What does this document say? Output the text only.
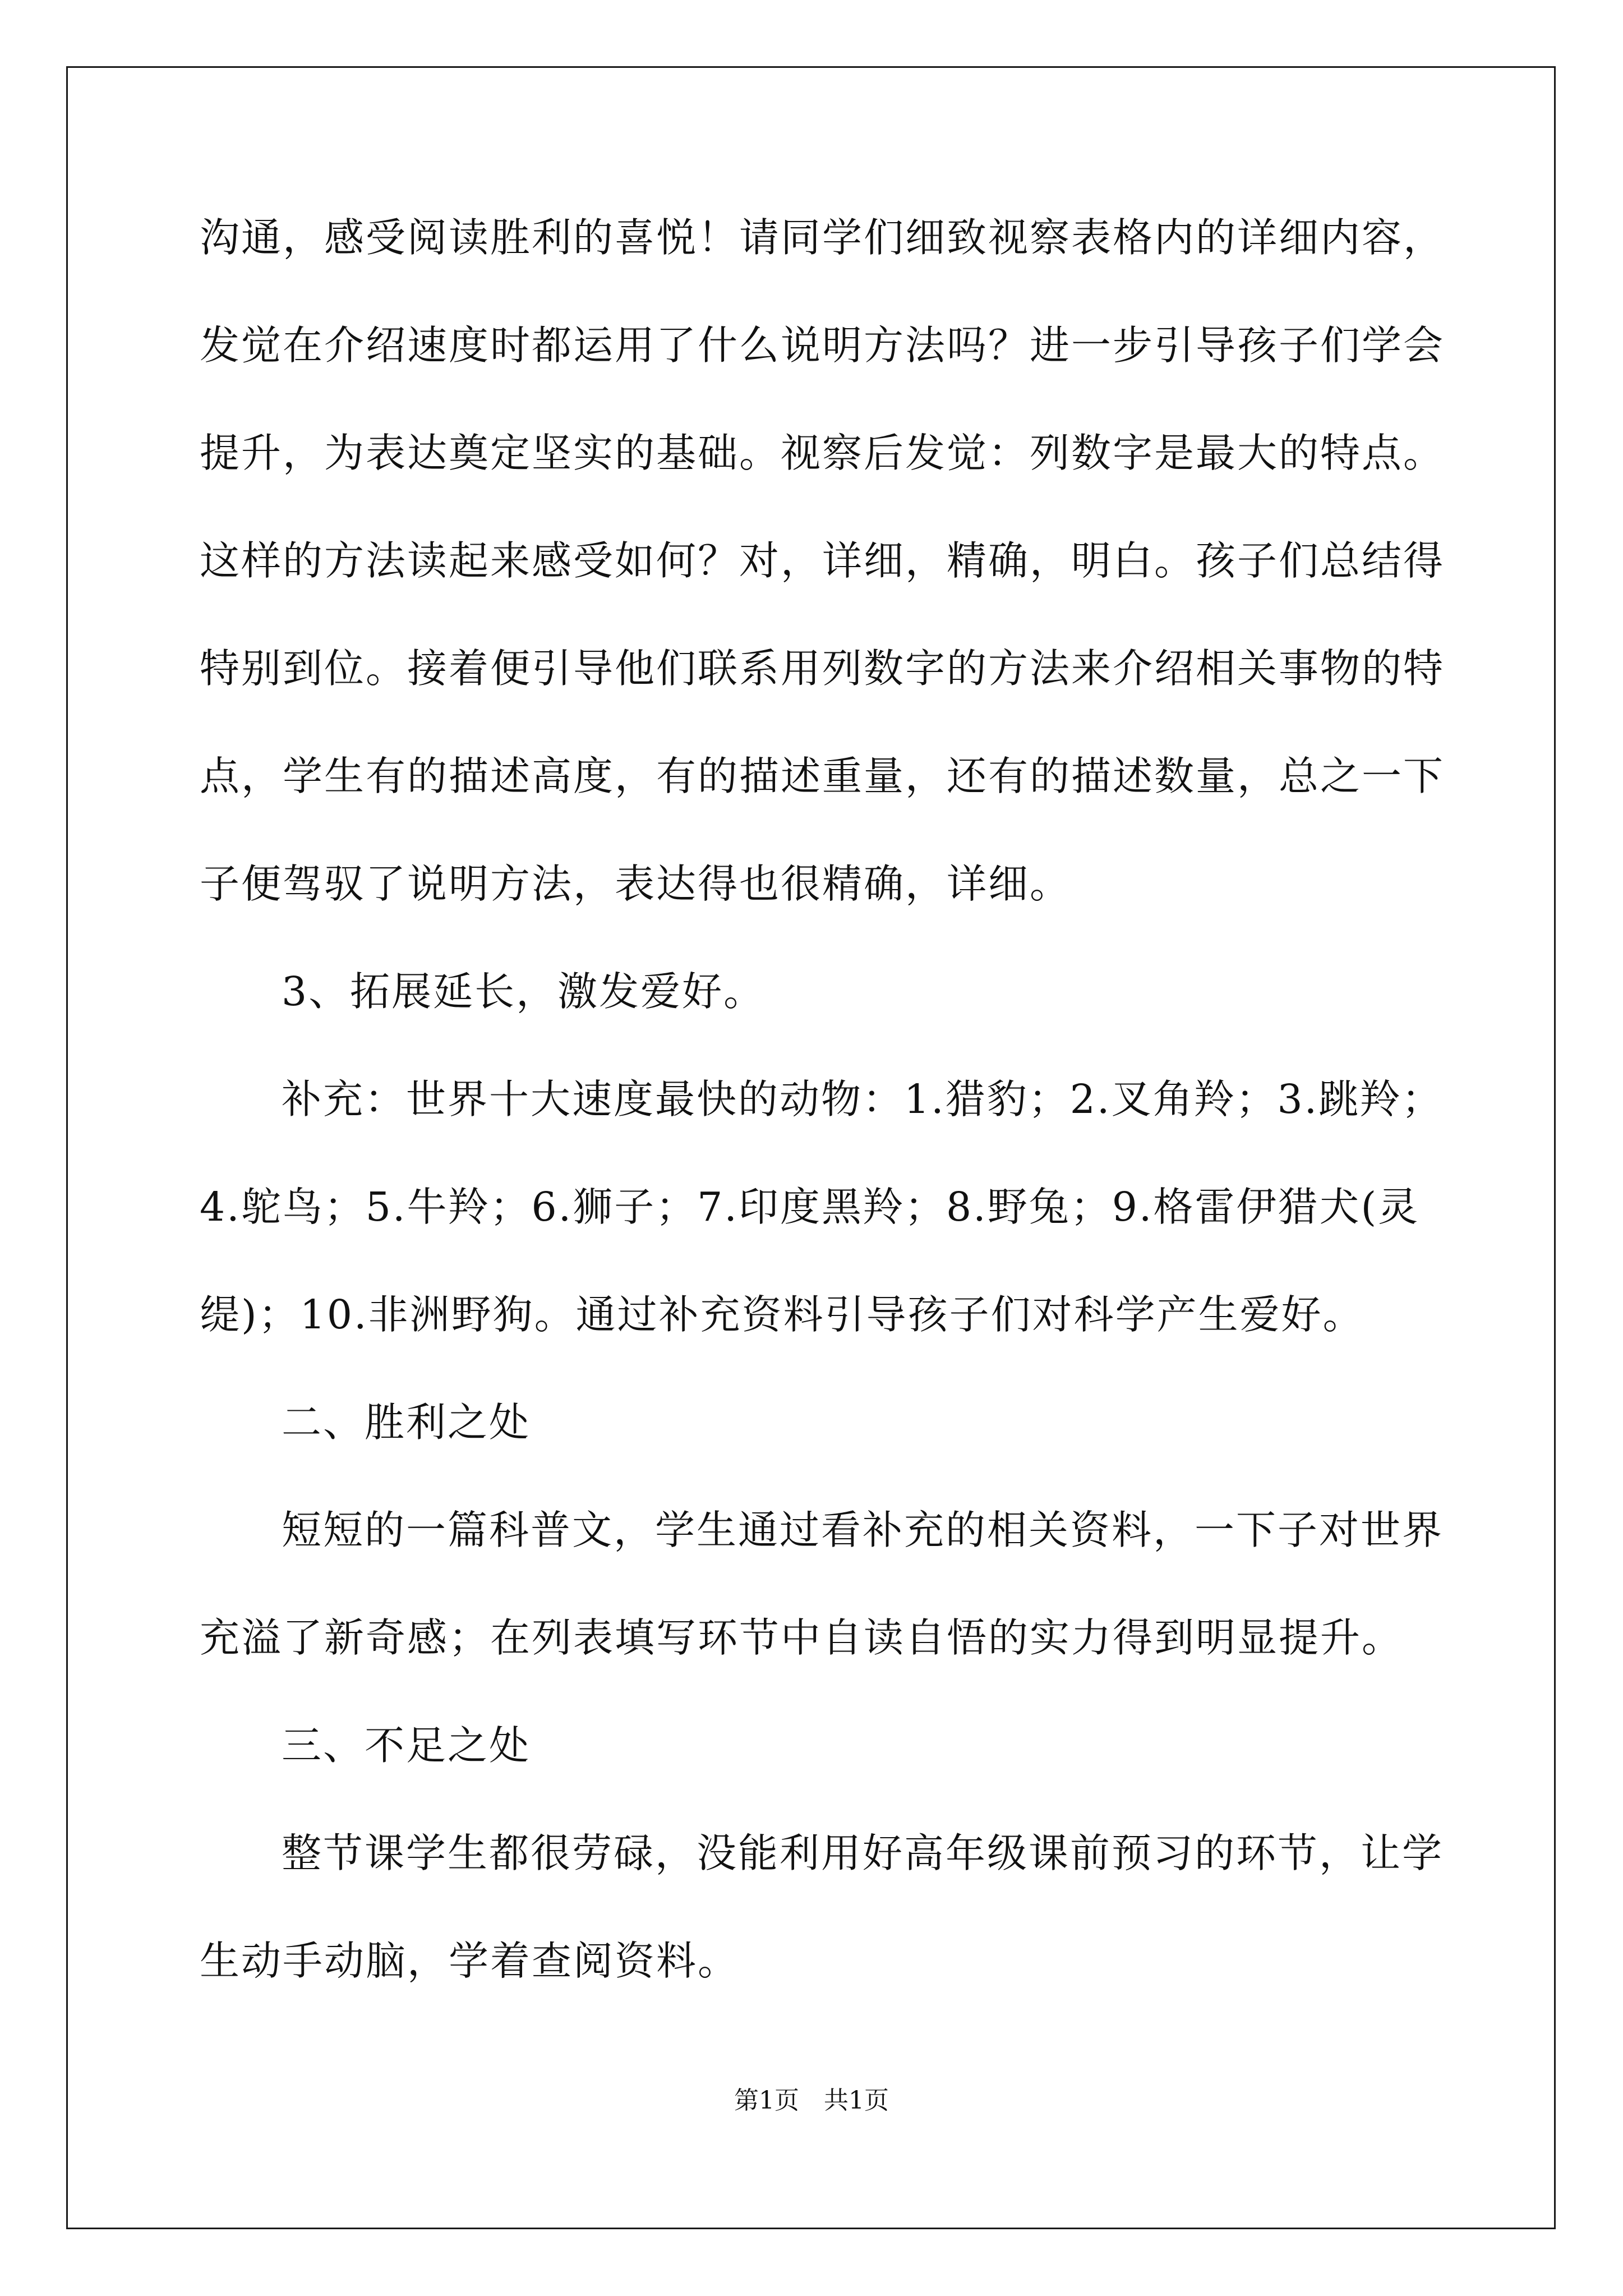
沟通，感受阅读胜利的喜悦！请同学们细致视察表格内的详细内容，
发觉在介绍速度时都运用了什么说明方法吗？进一步引导孩子们学会
提升，为表达奠定坚实的基础。视察后发觉：列数字是最大的特点。
这样的方法读起来感受如何？对，详细，精确，明白。孩子们总结得
特别到位。接着便引导他们联系用列数字的方法来介绍相关事物的特
点，学生有的描述高度，有的描述重量，还有的描述数量，总之一下
子便驾驭了说明方法，表达得也很精确，详细。
3、拓展延长，激发爱好。
补充：世界十大速度最快的动物：1.猎豹；2.叉角羚；3.跳羚；
4.鸵鸟；5.牛羚；6.狮子；7.印度黑羚；8.野兔；9.格雷伊猎犬(灵
缇)；10.非洲野狗。通过补充资料引导孩子们对科学产生爱好。
二、胜利之处
短短的一篇科普文，学生通过看补充的相关资料，一下子对世界
充溢了新奇感；在列表填写环节中自读自悟的实力得到明显提升。
三、不足之处
整节课学生都很劳碌，没能利用好高年级课前预习的环节，让学
生动手动脑，学着查阅资料。
第1页 共1页
